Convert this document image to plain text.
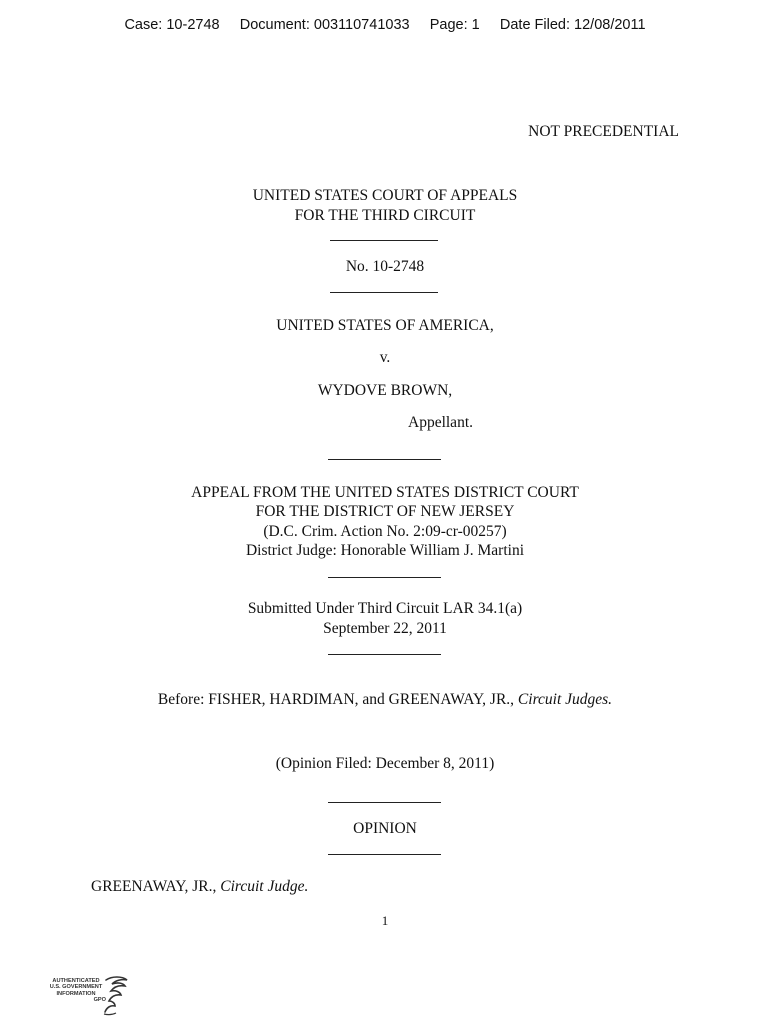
Case: 10-2748 Document: 003110741033 Page: 1 Date Filed: 12/08/2011
NOT PRECEDENTIAL
UNITED STATES COURT OF APPEALS
FOR THE THIRD CIRCUIT
No. 10-2748
UNITED STATES OF AMERICA,
v.
WYDOVE BROWN,
Appellant.
APPEAL FROM THE UNITED STATES DISTRICT COURT
FOR THE DISTRICT OF NEW JERSEY
(D.C. Crim. Action No. 2:09-cr-00257)
District Judge: Honorable William J. Martini
Submitted Under Third Circuit LAR 34.1(a)
September 22, 2011
Before: FISHER, HARDIMAN, and GREENAWAY, JR., Circuit Judges.
(Opinion Filed: December 8, 2011)
OPINION
GREENAWAY, JR., Circuit Judge.
1
AUTHENTICATED
U.S. GOVERNMENT
INFORMATION
GPO
